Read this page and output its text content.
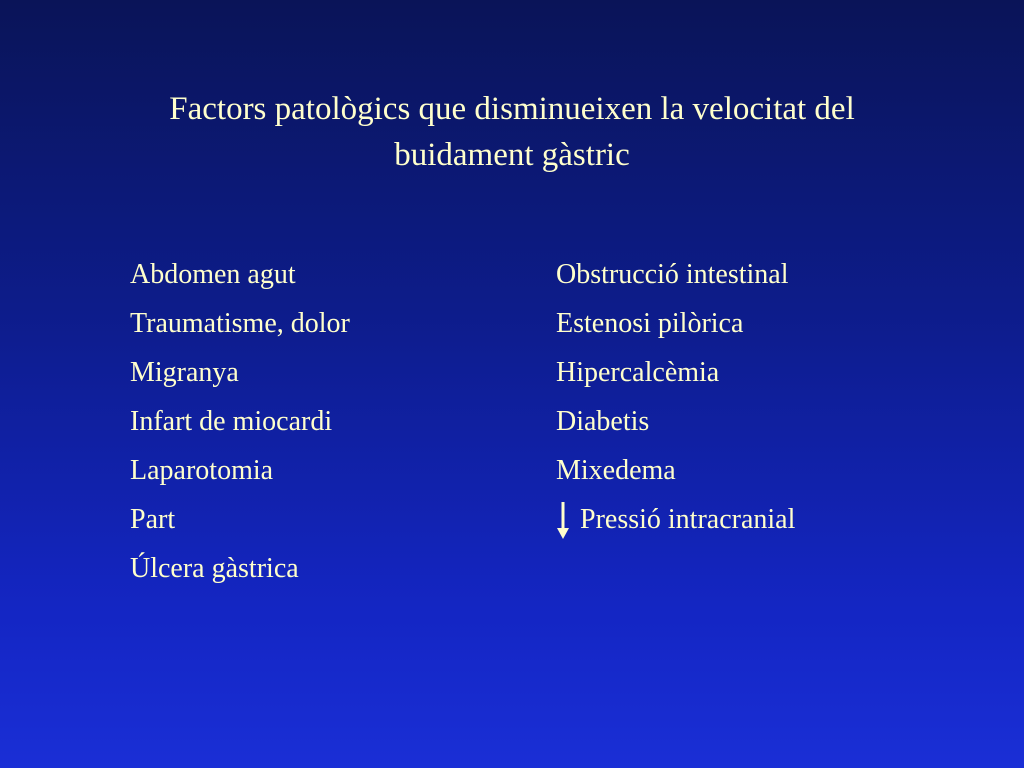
Factors patològics que disminueixen la velocitat del
buidament gàstric
Abdomen agut
Traumatisme, dolor
Migranya
Infart de miocardi
Laparotomia
Part
Úlcera gàstrica
Obstrucció intestinal
Estenosi pilòrica
Hipercalcèmia
Diabetis
Mixedema
Pressió intracranial
